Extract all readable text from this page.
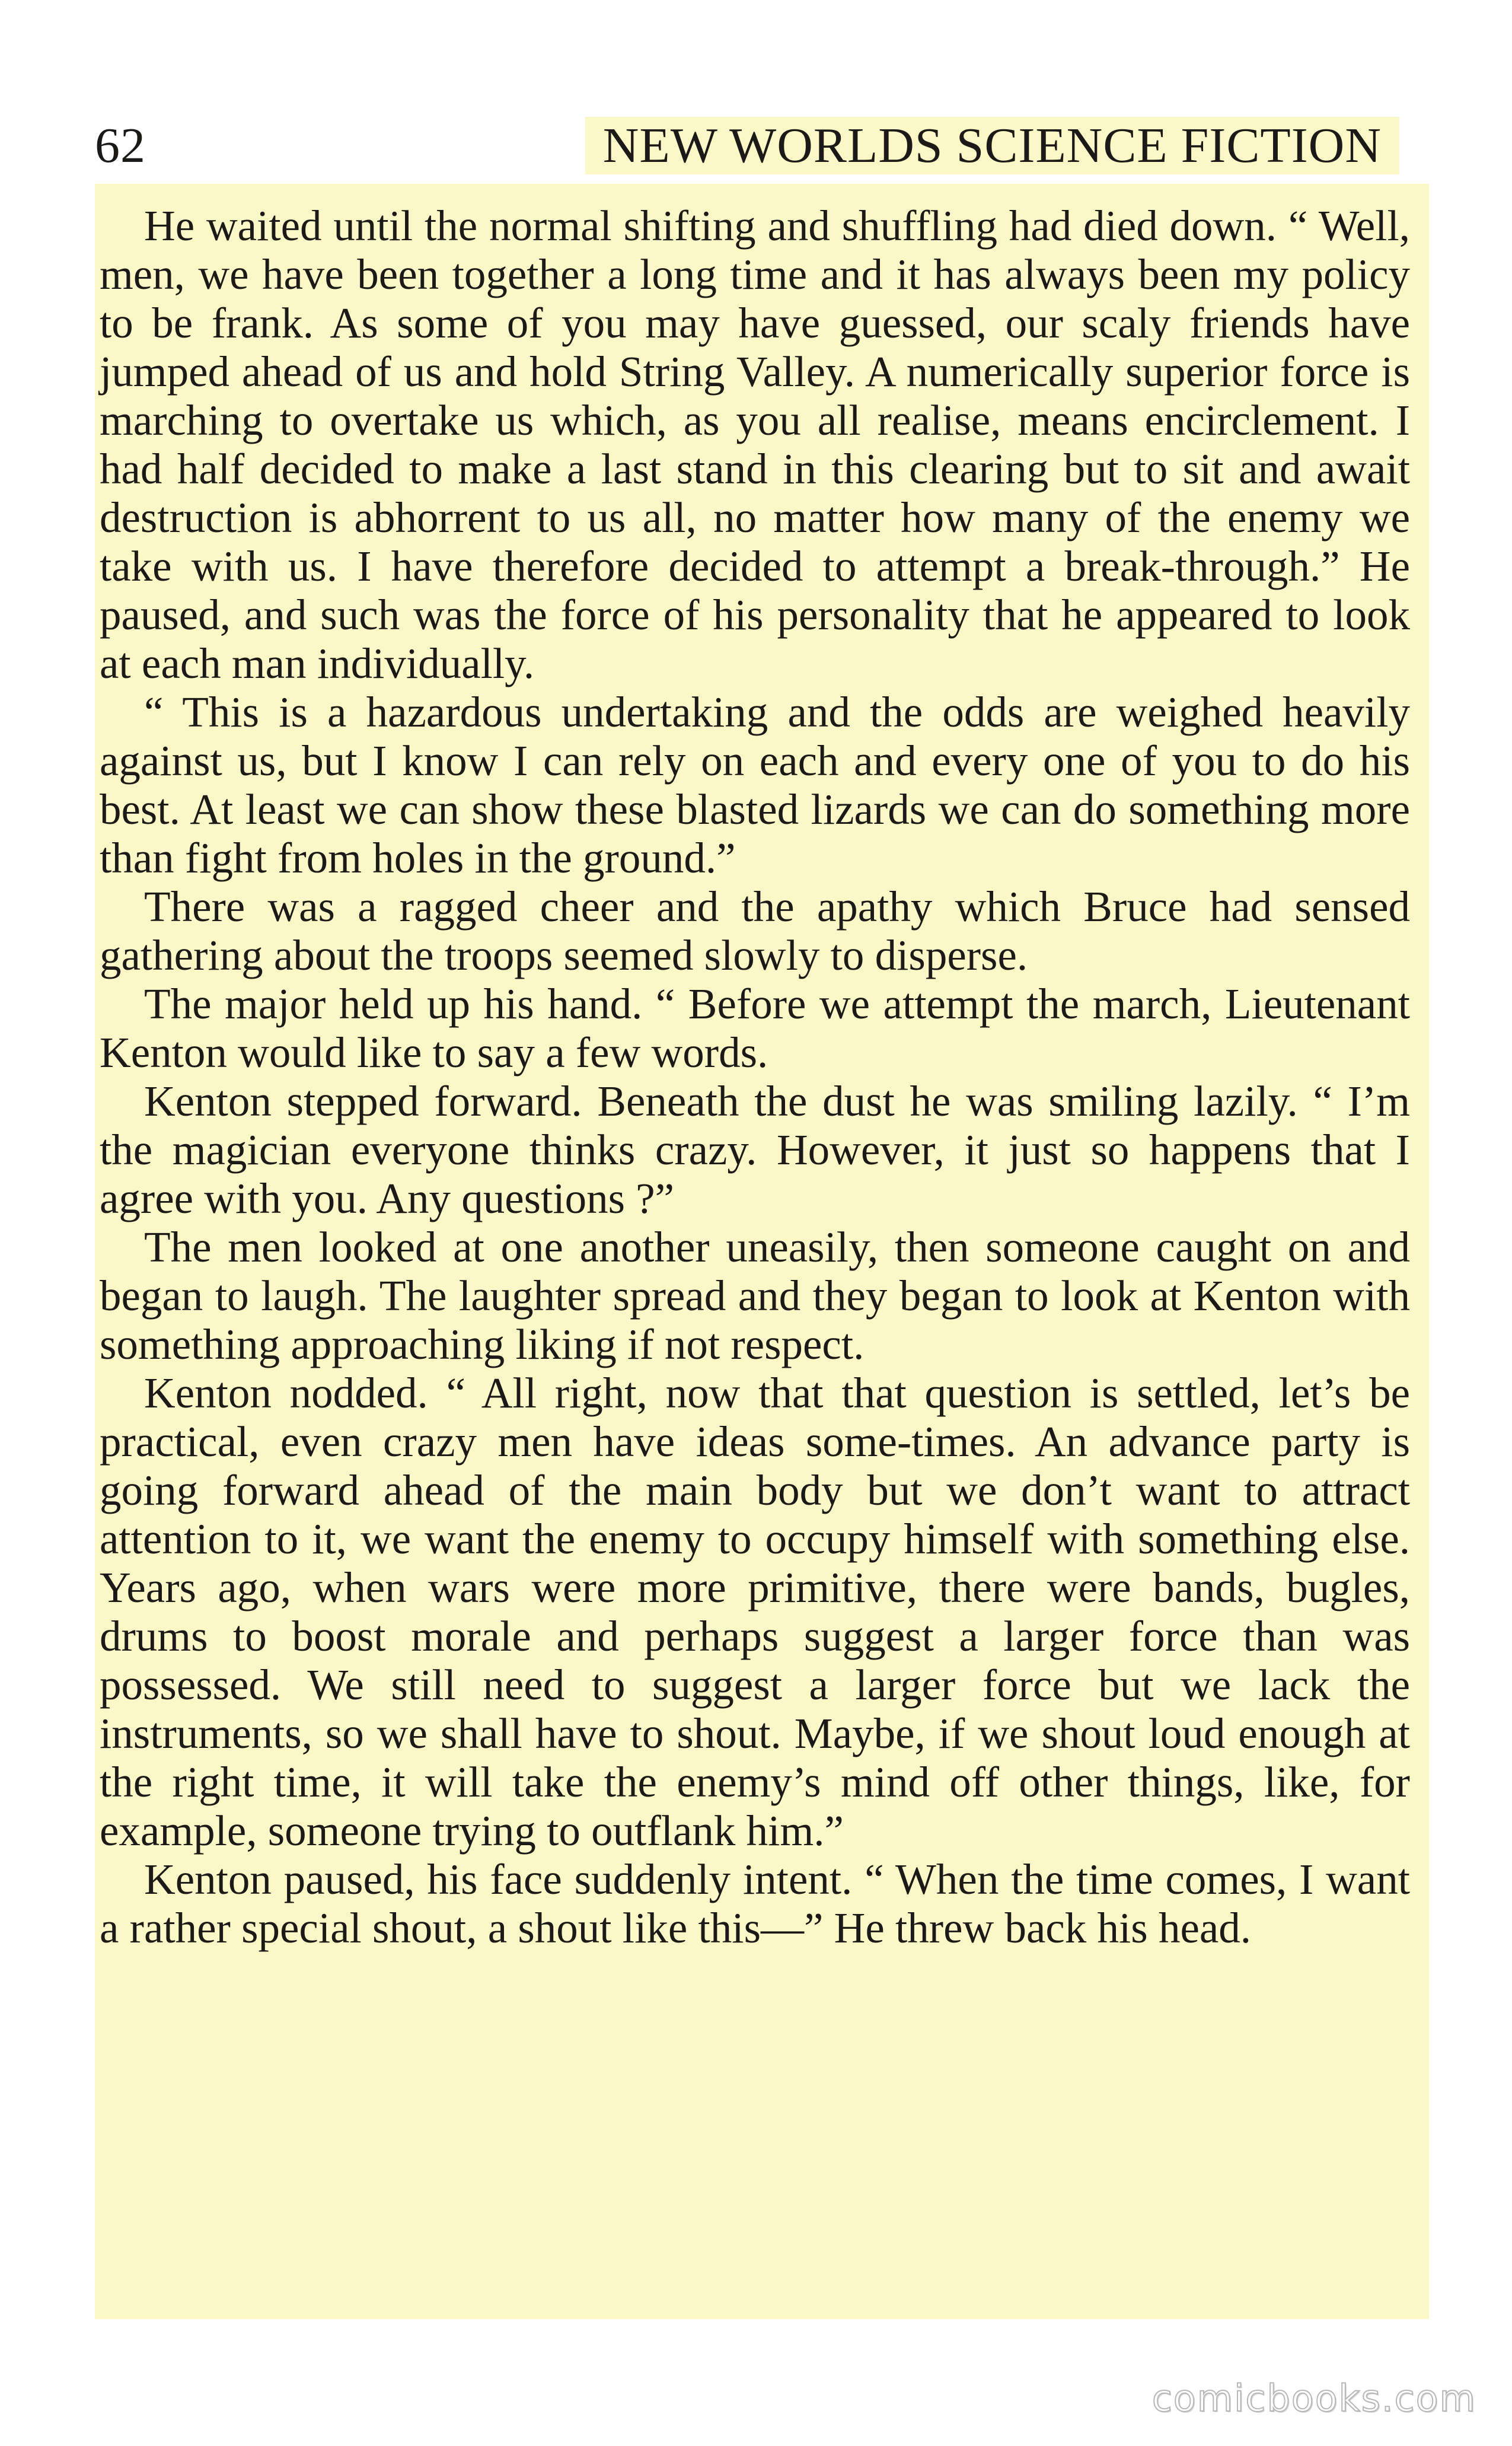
62	NEW WORLDS SCIENCE FICTION

He waited until the normal shifting and shuffling had died down. “ Well, men, we have been together a long time and it has always been my policy to be frank. As some of you may have guessed, our scaly friends have jumped ahead of us and hold String Valley. A numerically superior force is marching to overtake us which, as you all realise, means encirclement. I had half decided to make a last stand in this clearing but to sit and await destruction is abhorrent to us all, no matter how many of the enemy we take with us. I have therefore decided to attempt a break-through.” He paused, and such was the force of his personality that he appeared to look at each man individually.

“ This is a hazardous undertaking and the odds are weighed heavily against us, but I know I can rely on each and every one of you to do his best. At least we can show these blasted lizards we can do something more than fight from holes in the ground.”

There was a ragged cheer and the apathy which Bruce had sensed gathering about the troops seemed slowly to disperse.

The major held up his hand. “ Before we attempt the march, Lieutenant Kenton would like to say a few words.

Kenton stepped forward. Beneath the dust he was smiling lazily. “ I’m the magician everyone thinks crazy. However, it just so happens that I agree with you. Any questions ?”

The men looked at one another uneasily, then someone caught on and began to laugh. The laughter spread and they began to look at Kenton with something approaching liking if not respect.

Kenton nodded. “ All right, now that that question is settled, let’s be practical, even crazy men have ideas some-times. An advance party is going forward ahead of the main body but we don’t want to attract attention to it, we want the enemy to occupy himself with something else. Years ago, when wars were more primitive, there were bands, bugles, drums to boost morale and perhaps suggest a larger force than was possessed. We still need to suggest a larger force but we lack the instruments, so we shall have to shout. Maybe, if we shout loud enough at the right time, it will take the enemy’s mind off other things, like, for example, someone trying to outflank him.”

Kenton paused, his face suddenly intent. “ When the time comes, I want a rather special shout, a shout like this—” He threw back his head.

comicbooks.com
